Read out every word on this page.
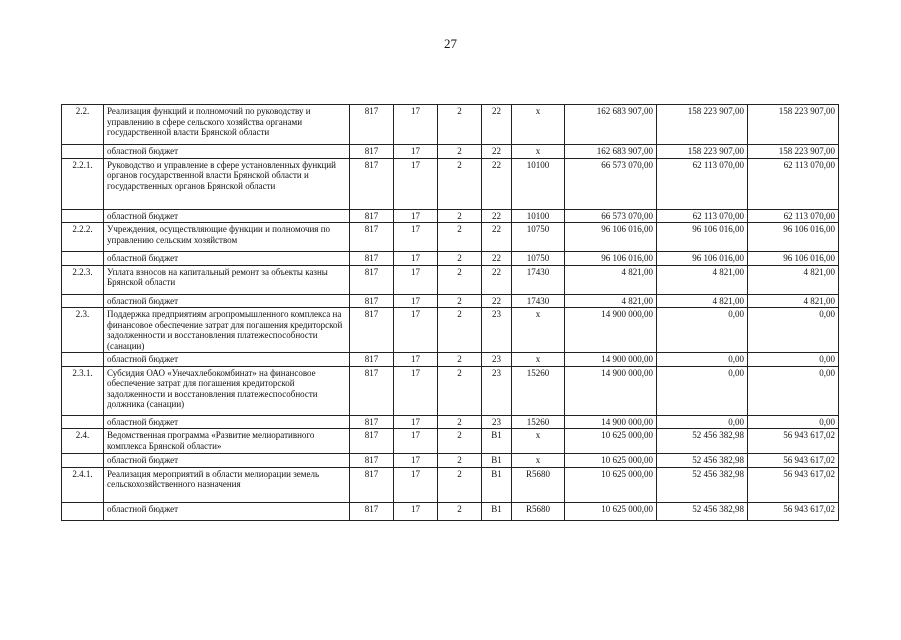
27
2.2.	Реализация функций и полномочий по руководству и управлению в сфере сельского хозяйства органами государственной власти Брянской области	817	17	2	22	х	162 683 907,00	158 223 907,00	158 223 907,00
	областной бюджет	817	17	2	22	х	162 683 907,00	158 223 907,00	158 223 907,00
2.2.1.	Руководство и управление в сфере установленных функций органов государственной власти Брянской области и государственных органов Брянской области	817	17	2	22	10100	66 573 070,00	62 113 070,00	62 113 070,00
	областной бюджет	817	17	2	22	10100	66 573 070,00	62 113 070,00	62 113 070,00
2.2.2.	Учреждения, осуществляющие функции и полномочия по управлению сельским хозяйством	817	17	2	22	10750	96 106 016,00	96 106 016,00	96 106 016,00
	областной бюджет	817	17	2	22	10750	96 106 016,00	96 106 016,00	96 106 016,00
2.2.3.	Уплата взносов на капитальный ремонт за объекты казны Брянской области	817	17	2	22	17430	4 821,00	4 821,00	4 821,00
	областной бюджет	817	17	2	22	17430	4 821,00	4 821,00	4 821,00
2.3.	Поддержка предприятиям агропромышленного комплекса на финансовое обеспечение затрат для погашения кредиторской задолженности и восстановления платежеспособности (санации)	817	17	2	23	х	14 900 000,00	0,00	0,00
	областной бюджет	817	17	2	23	х	14 900 000,00	0,00	0,00
2.3.1.	Субсидия ОАО «Унечахлебокомбинат» на финансовое обеспечение затрат для погашения кредиторской задолженности и восстановления платежеспособности должника (санации)	817	17	2	23	15260	14 900 000,00	0,00	0,00
	областной бюджет	817	17	2	23	15260	14 900 000,00	0,00	0,00
2.4.	Ведомственная программа «Развитие мелиоративного комплекса Брянской области»	817	17	2	В1	х	10 625 000,00	52 456 382,98	56 943 617,02
	областной бюджет	817	17	2	В1	х	10 625 000,00	52 456 382,98	56 943 617,02
2.4.1.	Реализация мероприятий в области мелиорации земель сельскохозяйственного назначения	817	17	2	В1	R5680	10 625 000,00	52 456 382,98	56 943 617,02
	областной бюджет	817	17	2	В1	R5680	10 625 000,00	52 456 382,98	56 943 617,02
